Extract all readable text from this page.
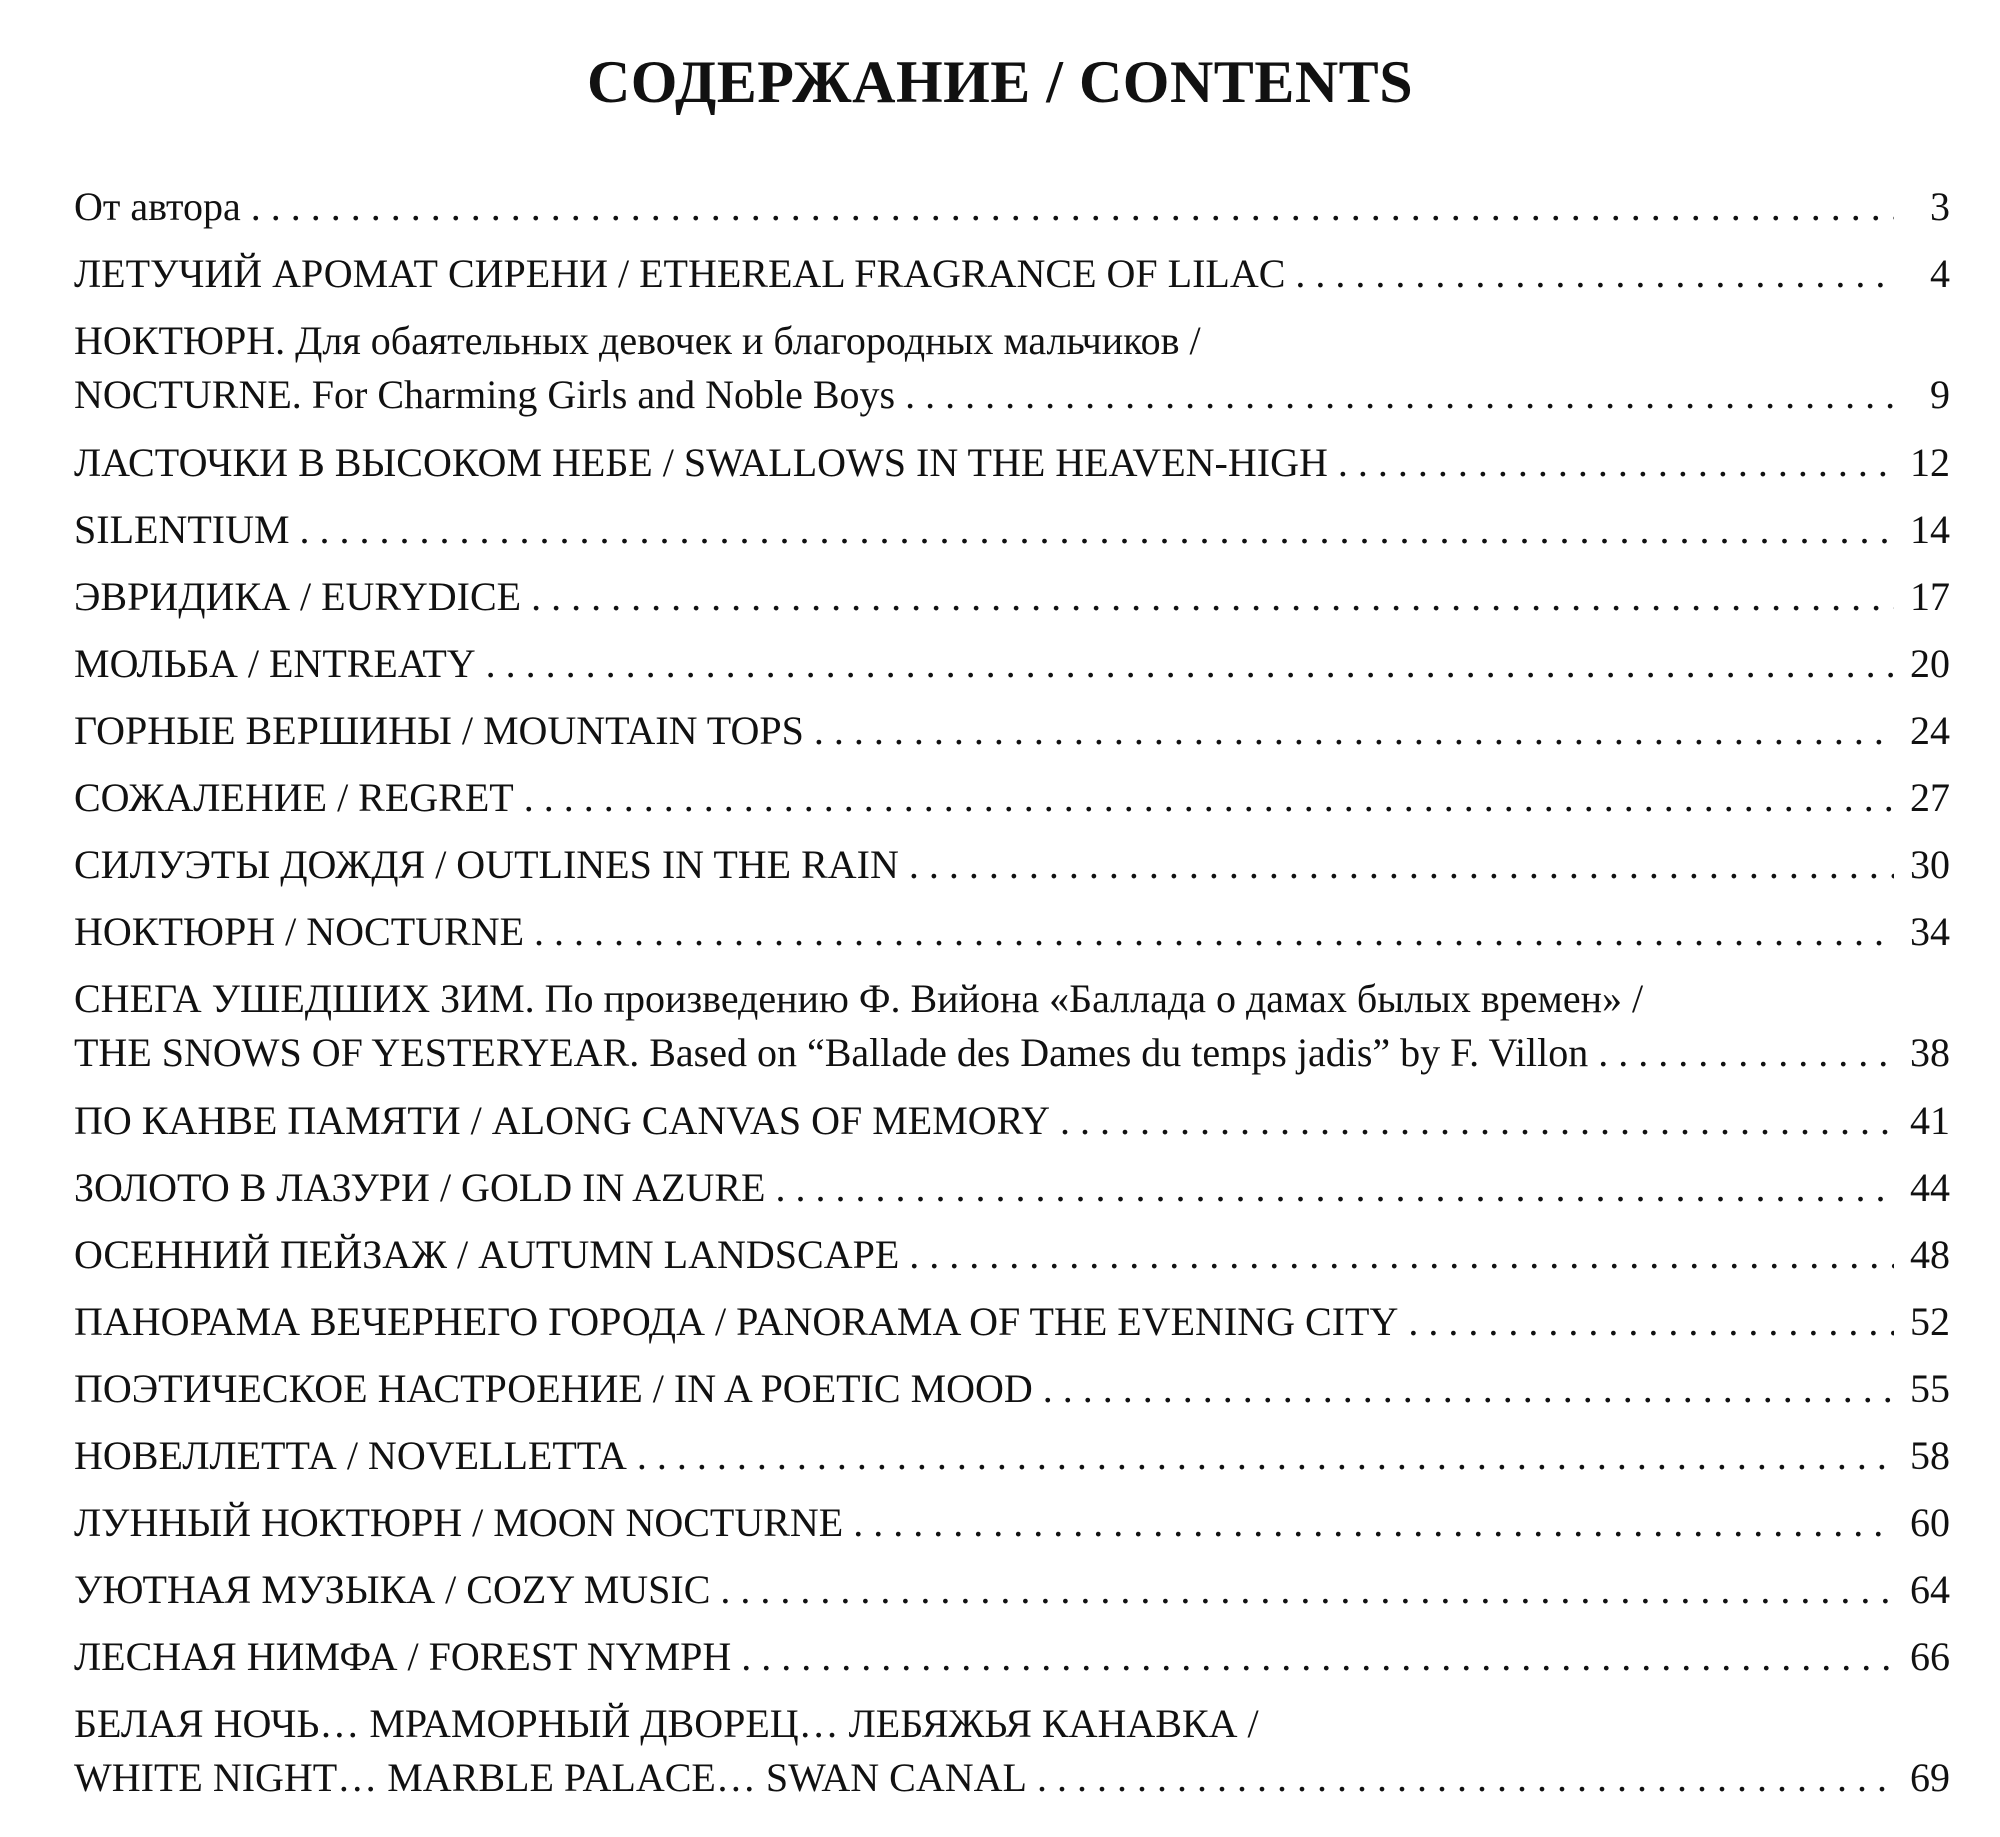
СОДЕРЖАНИЕ / CONTENTS
От автора . . .	3
ЛЕТУЧИЙ АРОМАТ СИРЕНИ / ETHEREAL FRAGRANCE OF LILAC . . .	4
НОКТЮРН. Для обаятельных девочек и благородных мальчиков /
NOCTURNE. For Charming Girls and Noble Boys . . .	9
ЛАСТОЧКИ В ВЫСОКОМ НЕБЕ / SWALLOWS IN THE HEAVEN-HIGH . . .	12
SILENTIUM . . .	14
ЭВРИДИКА / EURYDICE . . .	17
МОЛЬБА / ENTREATY . . .	20
ГОРНЫЕ ВЕРШИНЫ / MOUNTAIN TOPS . . .	24
СОЖАЛЕНИЕ / REGRET . . .	27
СИЛУЭТЫ ДОЖДЯ / OUTLINES IN THE RAIN . . .	30
НОКТЮРН / NOCTURNE . . .	34
СНЕГА УШЕДШИХ ЗИМ. По произведению Ф. Вийона «Баллада о дамах былых времен» /
THE SNOWS OF YESTERYEAR. Based on “Ballade des Dames du temps jadis” by F. Villon . . .	38
ПО КАНВЕ ПАМЯТИ / ALONG CANVAS OF MEMORY . . .	41
ЗОЛОТО В ЛАЗУРИ / GOLD IN AZURE . . .	44
ОСЕННИЙ ПЕЙЗАЖ / AUTUMN LANDSCAPE . . .	48
ПАНОРАМА ВЕЧЕРНЕГО ГОРОДА / PANORAMA OF THE EVENING CITY . . .	52
ПОЭТИЧЕСКОЕ НАСТРОЕНИЕ / IN A POETIC MOOD . . .	55
НОВЕЛЛЕТТА / NOVELLETTA . . .	58
ЛУННЫЙ НОКТЮРН / MOON NOCTURNE . . .	60
УЮТНАЯ МУЗЫКА / COZY MUSIC . . .	64
ЛЕСНАЯ НИМФА / FOREST NYMPH . . .	66
БЕЛАЯ НОЧЬ… МРАМОРНЫЙ ДВОРЕЦ… ЛЕБЯЖЬЯ КАНАВКА /
WHITE NIGHT… MARBLE PALACE… SWAN CANAL . . .	69
